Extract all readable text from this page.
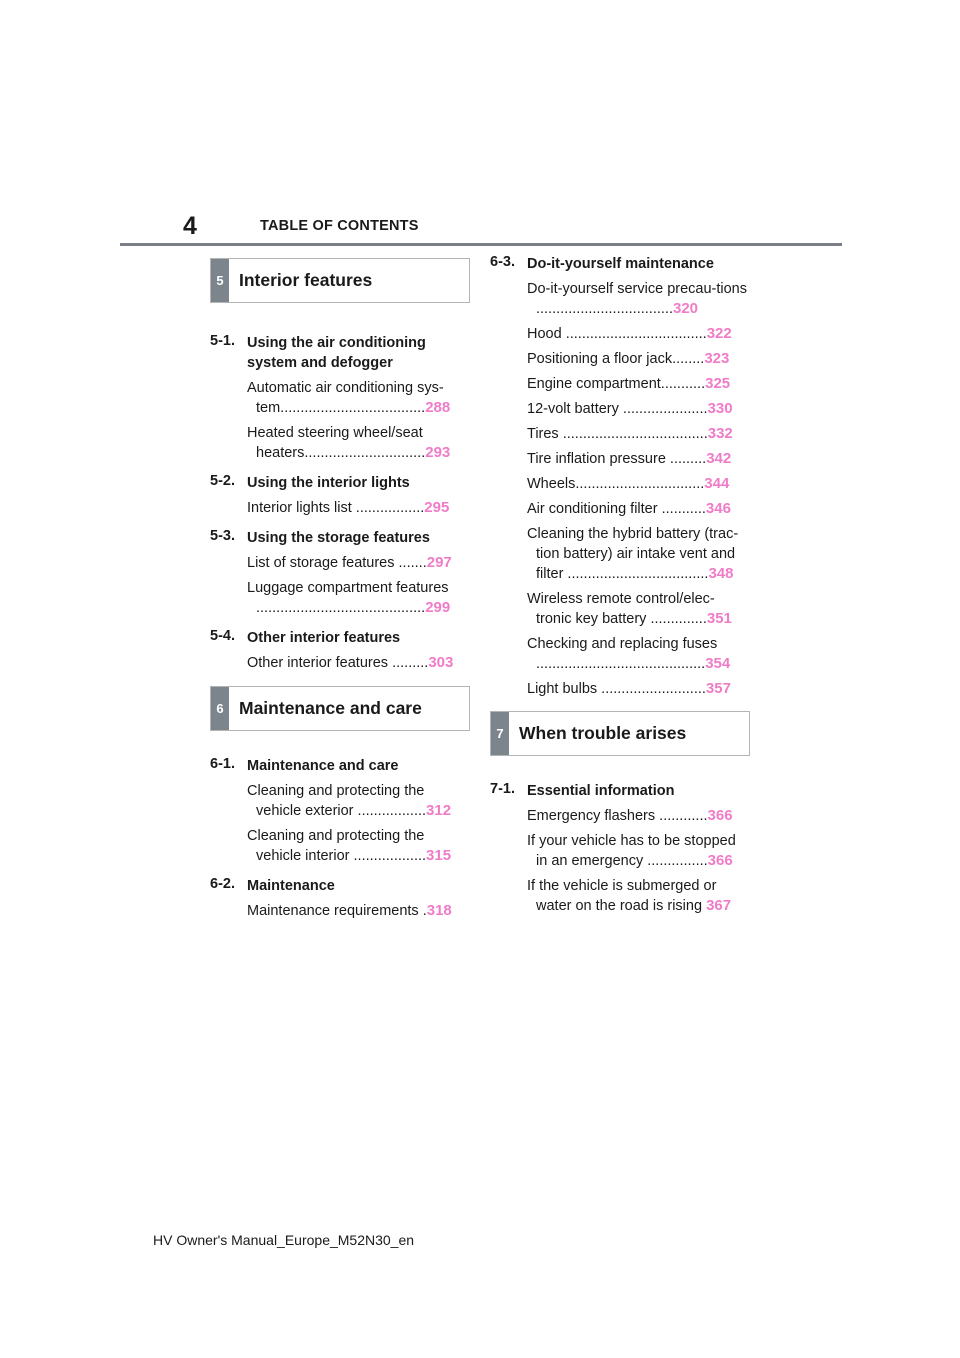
4	TABLE OF CONTENTS
5 Interior features
5-1. Using the air conditioning system and defogger
Automatic air conditioning sys-tem....................................288
Heated steering wheel/seat heaters..............................293
5-2. Using the interior lights
Interior lights list .................295
5-3. Using the storage features
List of storage features .......297
Luggage compartment features ..........................................299
5-4. Other interior features
Other interior features .........303
6 Maintenance and care
6-1. Maintenance and care
Cleaning and protecting the vehicle exterior .................312
Cleaning and protecting the vehicle interior ..................315
6-2. Maintenance
Maintenance requirements .318
6-3. Do-it-yourself maintenance
Do-it-yourself service precau-tions ..................................320
Hood ...................................322
Positioning a floor jack........323
Engine compartment...........325
12-volt battery .....................330
Tires ....................................332
Tire inflation pressure .........342
Wheels................................344
Air conditioning filter ...........346
Cleaning the hybrid battery (trac-tion battery) air intake vent and filter ...................................348
Wireless remote control/elec-tronic key battery ..............351
Checking and replacing fuses ..........................................354
Light bulbs ..........................357
7 When trouble arises
7-1. Essential information
Emergency flashers ............366
If your vehicle has to be stopped in an emergency ...............366
If the vehicle is submerged or water on the road is rising 367
HV Owner's Manual_Europe_M52N30_en
